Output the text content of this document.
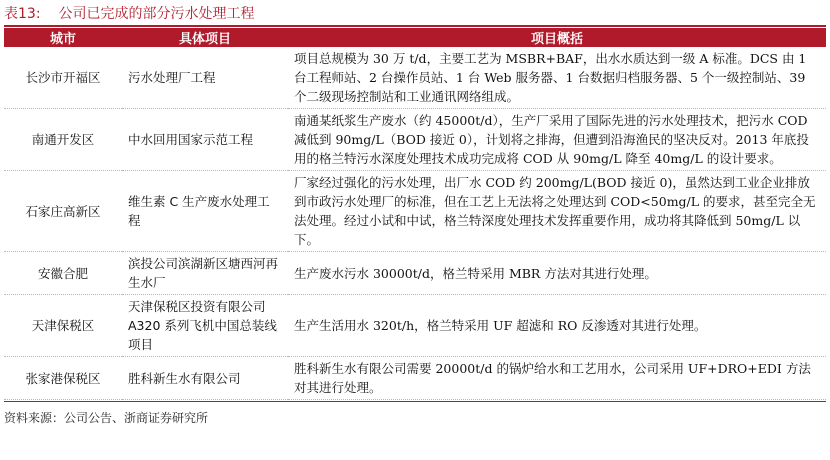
表13: 公司已完成的部分污水处理工程
城市	具体项目	项目概括
长沙市开福区	污水处理厂工程	项目总规模为 30 万 t/d，主要工艺为 MSBR+BAF，出水水质达到一级 A 标准。DCS 由 1 台工程师站、2 台操作员站、1 台 Web 服务器、1 台数据归档服务器、5 个一级控制站、39 个二级现场控制站和工业通讯网络组成。
南通开发区	中水回用国家示范工程	南通某纸浆生产废水（约 45000t/d），生产厂采用了国际先进的污水处理技术，把污水 COD 减低到 90mg/L（BOD 接近 0），计划将之排海，但遭到沿海渔民的坚决反对。2013 年底投用的格兰特污水深度处理技术成功完成将 COD 从 90mg/L 降至 40mg/L 的设计要求。
石家庄高新区	维生素 C 生产废水处理工程	厂家经过强化的污水处理，出厂水 COD 约 200mg/L(BOD 接近 0)，虽然达到工业企业排放到市政污水处理厂的标准，但在工艺上无法将之处理达到 COD<50mg/L 的要求，甚至完全无法处理。经过小试和中试，格兰特深度处理技术发挥重要作用，成功将其降低到 50mg/L 以下。
安徽合肥	滨投公司滨湖新区塘西河再生水厂	生产废水污水 30000t/d，格兰特采用 MBR 方法对其进行处理。
天津保税区	天津保税区投资有限公司 A320 系列飞机中国总装线项目	生产生活用水 320t/h，格兰特采用 UF 超滤和 RO 反渗透对其进行处理。
张家港保税区	胜科新生水有限公司	胜科新生水有限公司需要 20000t/d 的锅炉给水和工艺用水，公司采用 UF+DRO+EDI 方法对其进行处理。
资料来源：公司公告、浙商证券研究所
